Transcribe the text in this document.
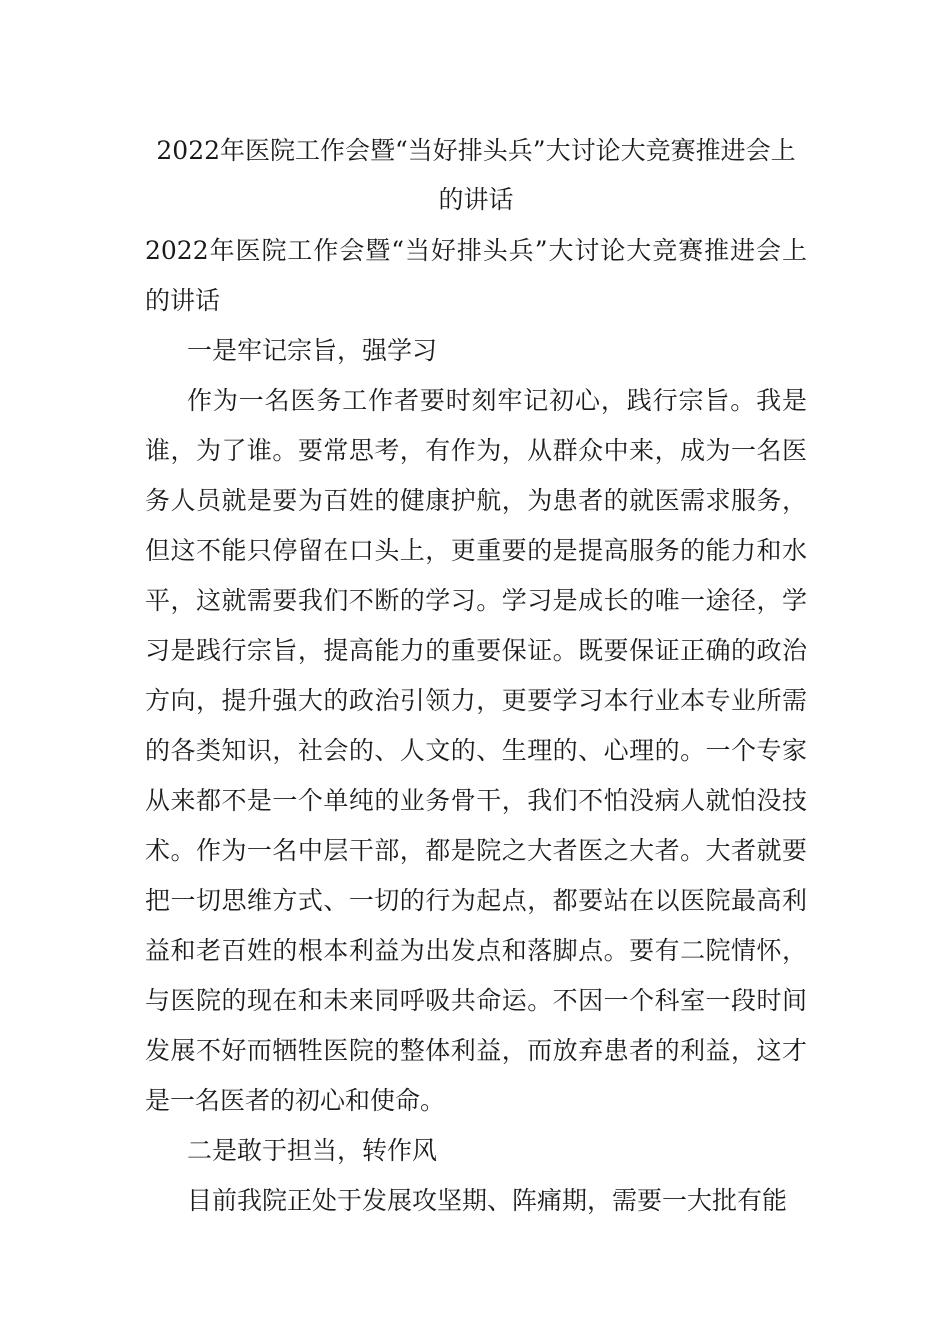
2022年医院工作会暨“当好排头兵”大讨论大竞赛推进会上的讲话

2022年医院工作会暨“当好排头兵”大讨论大竞赛推进会上的讲话

一是牢记宗旨，强学习

作为一名医务工作者要时刻牢记初心，践行宗旨。我是谁，为了谁。要常思考，有作为，从群众中来，成为一名医务人员就是要为百姓的健康护航，为患者的就医需求服务，但这不能只停留在口头上，更重要的是提高服务的能力和水平，这就需要我们不断的学习。学习是成长的唯一途径，学习是践行宗旨，提高能力的重要保证。既要保证正确的政治方向，提升强大的政治引领力，更要学习本行业本专业所需的各类知识，社会的、人文的、生理的、心理的。一个专家从来都不是一个单纯的业务骨干，我们不怕没病人就怕没技术。作为一名中层干部，都是院之大者医之大者。大者就要把一切思维方式、一切的行为起点，都要站在以医院最高利益和老百姓的根本利益为出发点和落脚点。要有二院情怀，与医院的现在和未来同呼吸共命运。不因一个科室一段时间发展不好而牺牲医院的整体利益，而放弃患者的利益，这才是一名医者的初心和使命。

二是敢于担当，转作风

目前我院正处于发展攻坚期、阵痛期，需要一大批有能
